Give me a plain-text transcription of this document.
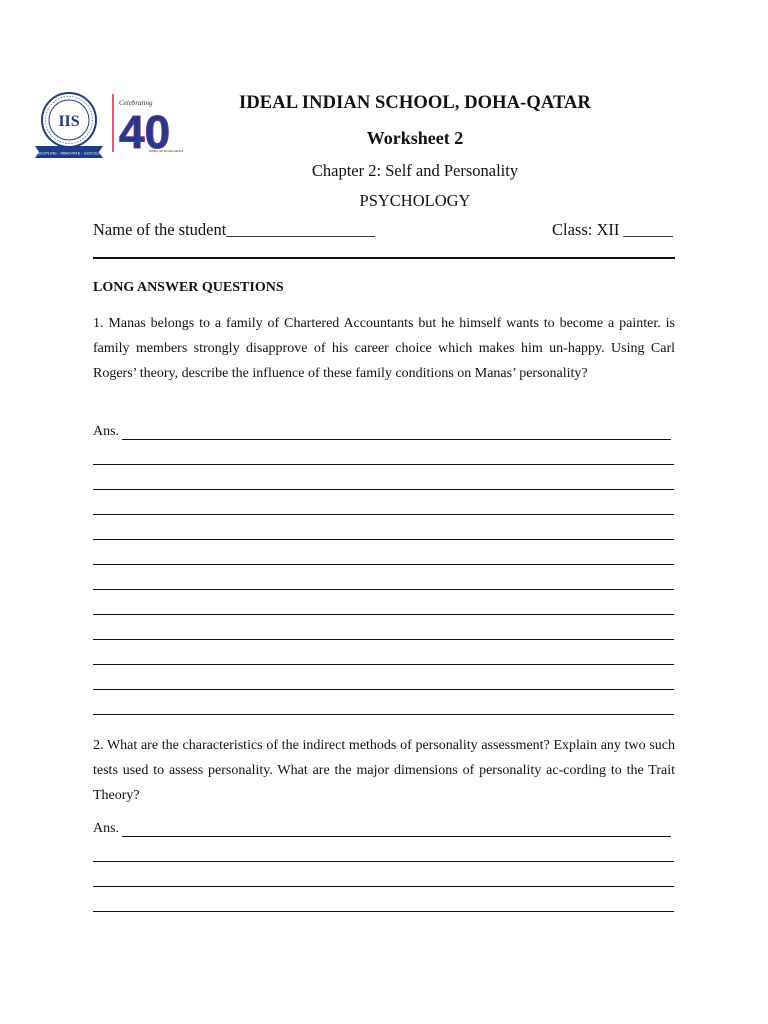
IIS
DISCIPLINE · INNOVATE · SUCCESS
Celebrating
40
YEARS OF EXCELLENCE
IDEAL INDIAN SCHOOL, DOHA-QATAR
Worksheet 2
Chapter 2: Self and Personality
PSYCHOLOGY
Name of the student__________________	Class: XII ______
LONG ANSWER QUESTIONS
1. Manas belongs to a family of Chartered Accountants but he himself wants to become a painter. is family members strongly disapprove of his career choice which makes him un-happy. Using Carl Rogers’ theory, describe the influence of these family conditions on Manas’ personality?
Ans.
2. What are the characteristics of the indirect methods of personality assessment? Explain any two such tests used to assess personality. What are the major dimensions of personality ac-cording to the Trait Theory?
Ans.
